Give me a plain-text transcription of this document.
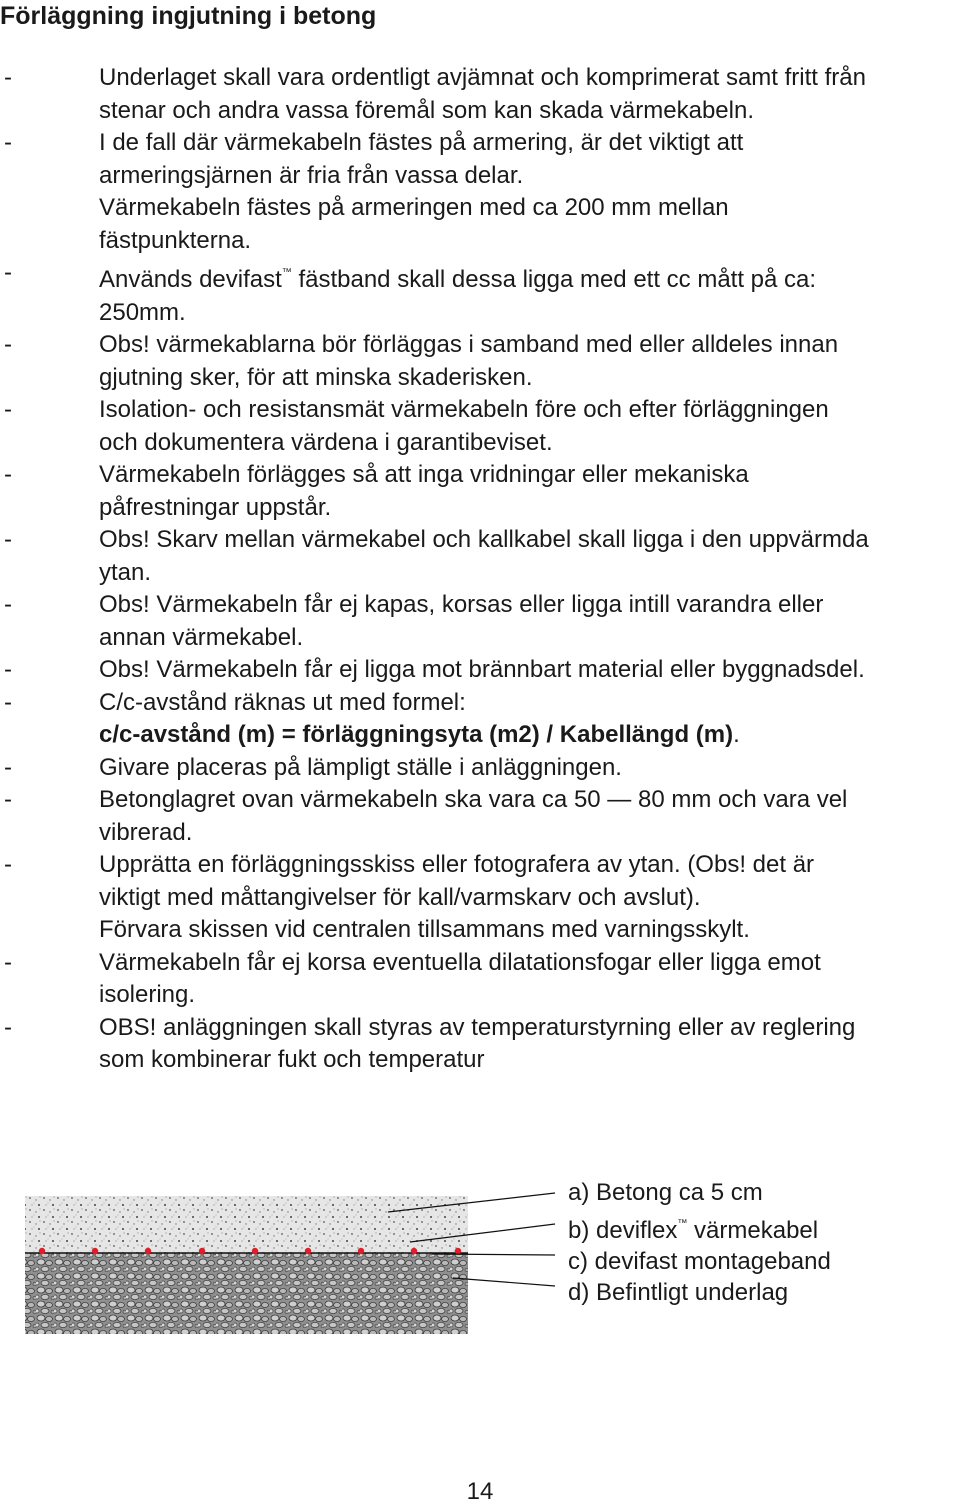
Förläggning ingjutning i betong
-	Underlaget skall vara ordentligt avjämnat och komprimerat samt fritt från
stenar och andra vassa föremål som kan skada värmekabeln.
-	I de fall där värmekabeln fästes på armering, är det viktigt att
armeringsjärnen är fria från vassa delar.
Värmekabeln fästes på armeringen med ca 200 mm mellan
fästpunkterna.
-	Används devifast™ fästband skall dessa ligga med ett cc mått på ca:
250mm.
-	Obs! värmekablarna bör förläggas i samband med eller alldeles innan
gjutning sker, för att minska skaderisken.
-	Isolation- och resistansmät värmekabeln före och efter förläggningen
och dokumentera värdena i garantibeviset.
-	Värmekabeln förlägges så att inga vridningar eller mekaniska
påfrestningar uppstår.
-	Obs! Skarv mellan värmekabel och kallkabel skall ligga i den uppvärmda
ytan.
-	Obs! Värmekabeln får ej kapas, korsas eller ligga intill varandra eller
annan värmekabel.
-	Obs! Värmekabeln får ej ligga mot brännbart material eller byggnadsdel.
-	C/c-avstånd räknas ut med formel:
c/c-avstånd (m) = förläggningsyta (m2) / Kabellängd (m).
-	Givare placeras på lämpligt ställe i anläggningen.
-	Betonglagret ovan värmekabeln ska vara ca 50 — 80 mm och vara vel
vibrerad.
-	Upprätta en förläggningsskiss eller fotografera av ytan. (Obs! det är
viktigt med måttangivelser för kall/varmskarv och avslut).
Förvara skissen vid centralen tillsammans med varningsskylt.
-	Värmekabeln får ej korsa eventuella dilatationsfogar eller ligga emot
isolering.
-	OBS! anläggningen skall styras av temperaturstyrning eller av reglering
som kombinerar fukt och temperatur
a) Betong ca 5 cm
b) deviflex™ värmekabel
c) devifast montageband
d) Befintligt underlag
14
